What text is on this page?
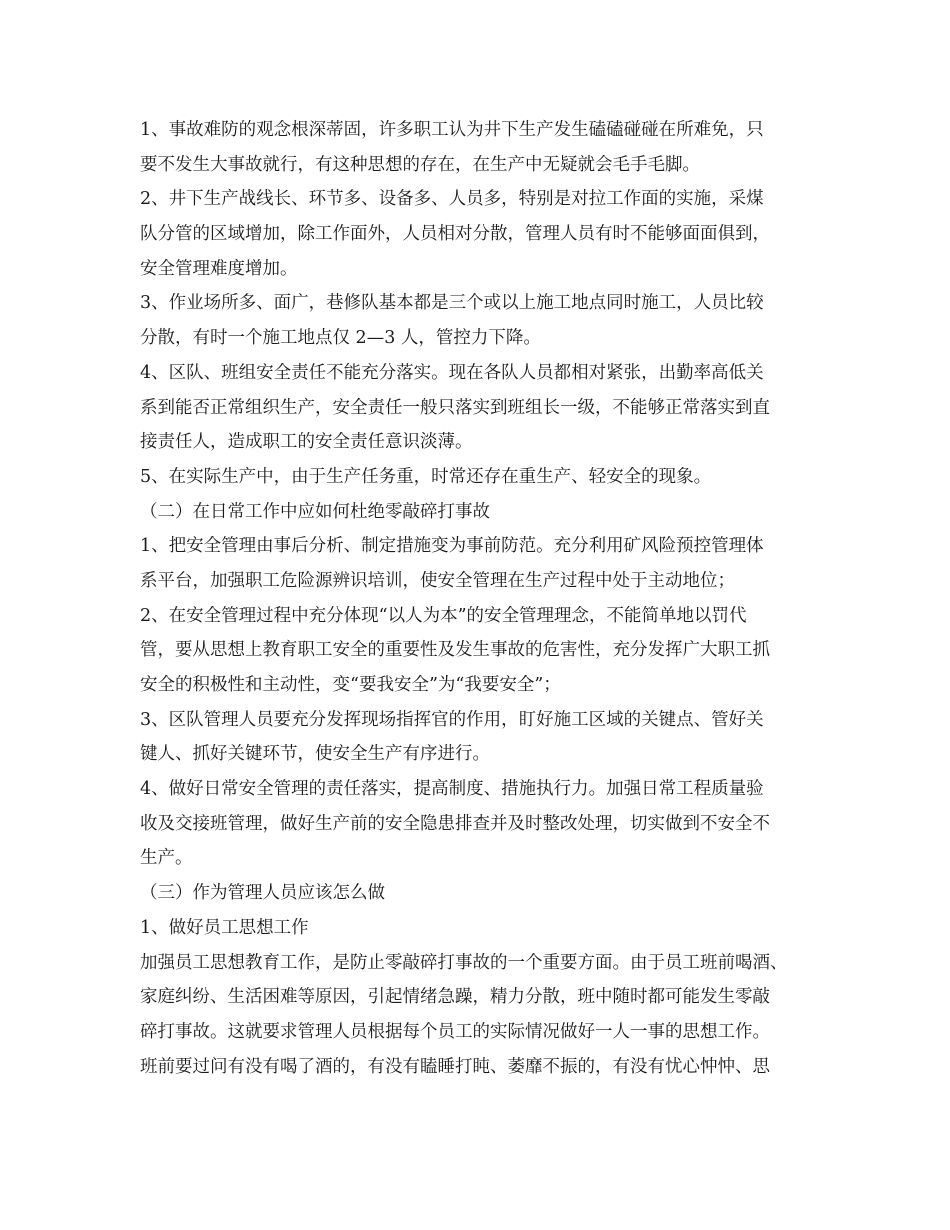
1、事故难防的观念根深蒂固，许多职工认为井下生产发生磕磕碰碰在所难免，只
要不发生大事故就行，有这种思想的存在，在生产中无疑就会毛手毛脚。
2、井下生产战线长、环节多、设备多、人员多，特别是对拉工作面的实施，采煤
队分管的区域增加，除工作面外，人员相对分散，管理人员有时不能够面面俱到，
安全管理难度增加。
3、作业场所多、面广，巷修队基本都是三个或以上施工地点同时施工，人员比较
分散，有时一个施工地点仅 2—3 人，管控力下降。
4、区队、班组安全责任不能充分落实。现在各队人员都相对紧张，出勤率高低关
系到能否正常组织生产，安全责任一般只落实到班组长一级，不能够正常落实到直
接责任人，造成职工的安全责任意识淡薄。
5、在实际生产中，由于生产任务重，时常还存在重生产、轻安全的现象。
（二）在日常工作中应如何杜绝零敲碎打事故
1、把安全管理由事后分析、制定措施变为事前防范。充分利用矿风险预控管理体
系平台，加强职工危险源辨识培训，使安全管理在生产过程中处于主动地位；
2、在安全管理过程中充分体现“以人为本”的安全管理理念，不能简单地以罚代
管，要从思想上教育职工安全的重要性及发生事故的危害性，充分发挥广大职工抓
安全的积极性和主动性，变“要我安全”为“我要安全”；
3、区队管理人员要充分发挥现场指挥官的作用，盯好施工区域的关键点、管好关
键人、抓好关键环节，使安全生产有序进行。
4、做好日常安全管理的责任落实，提高制度、措施执行力。加强日常工程质量验
收及交接班管理，做好生产前的安全隐患排查并及时整改处理，切实做到不安全不
生产。
（三）作为管理人员应该怎么做
1、做好员工思想工作
加强员工思想教育工作，是防止零敲碎打事故的一个重要方面。由于员工班前喝酒、
家庭纠纷、生活困难等原因，引起情绪急躁，精力分散，班中随时都可能发生零敲
碎打事故。这就要求管理人员根据每个员工的实际情况做好一人一事的思想工作。
班前要过问有没有喝了酒的，有没有瞌睡打盹、萎靡不振的，有没有忧心忡忡、思
